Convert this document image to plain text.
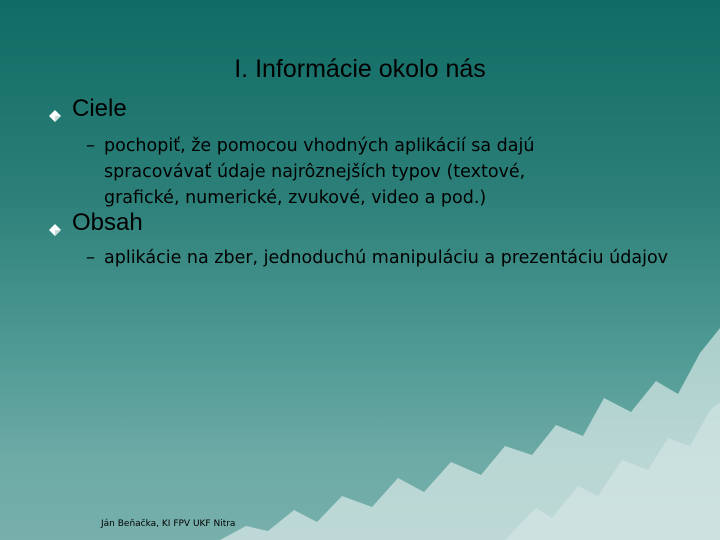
I. Informácie okolo nás
Ciele
– pochopiť, že pomocou vhodných aplikácií sa dajú spracovávať údaje najrôznejších typov (textové, grafické, numerické, zvukové, video a pod.)
Obsah
– aplikácie na zber, jednoduchú manipuláciu a prezentáciu údajov
Ján Beňačka, KI FPV UKF Nitra
